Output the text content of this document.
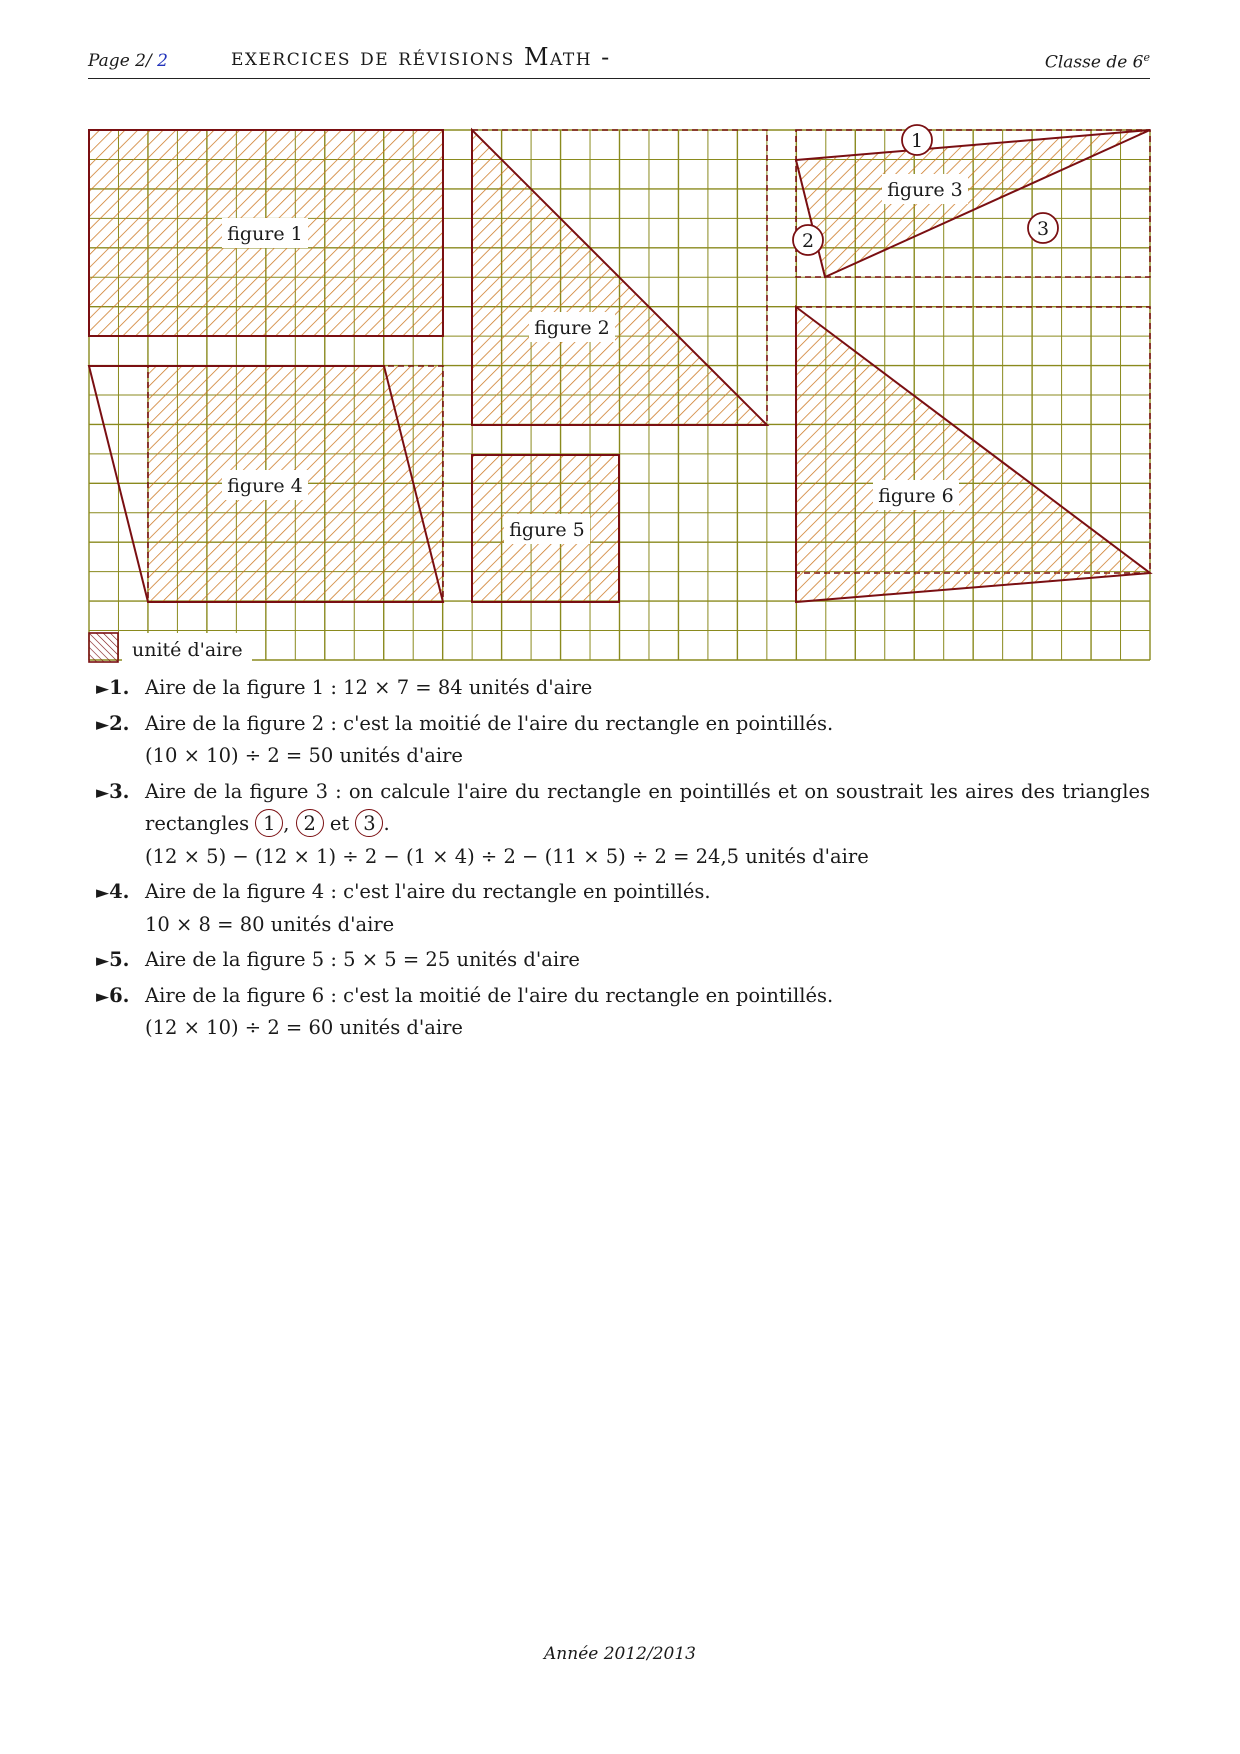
Page 2/ 2	exercices de révisions Math -	Classe de 6e
figure 1
figure 2
figure 3
figure 4
figure 5
figure 6
1
2
3
unité d'aire
►1. Aire de la figure 1 : 12 × 7 = 84 unités d'aire
►2. Aire de la figure 2 : c'est la moitié de l'aire du rectangle en pointillés.
(10 × 10) ÷ 2 = 50 unités d'aire
►3. Aire de la figure 3 : on calcule l'aire du rectangle en pointillés et on soustrait les aires des triangles
rectangles 1 , 2 et 3 .
(12 × 5) − (12 × 1) ÷ 2 − (1 × 4) ÷ 2 − (11 × 5) ÷ 2 = 24,5 unités d'aire
►4. Aire de la figure 4 : c'est l'aire du rectangle en pointillés.
10 × 8 = 80 unités d'aire
►5. Aire de la figure 5 : 5 × 5 = 25 unités d'aire
►6. Aire de la figure 6 : c'est la moitié de l'aire du rectangle en pointillés.
(12 × 10) ÷ 2 = 60 unités d'aire
Année 2012/2013
